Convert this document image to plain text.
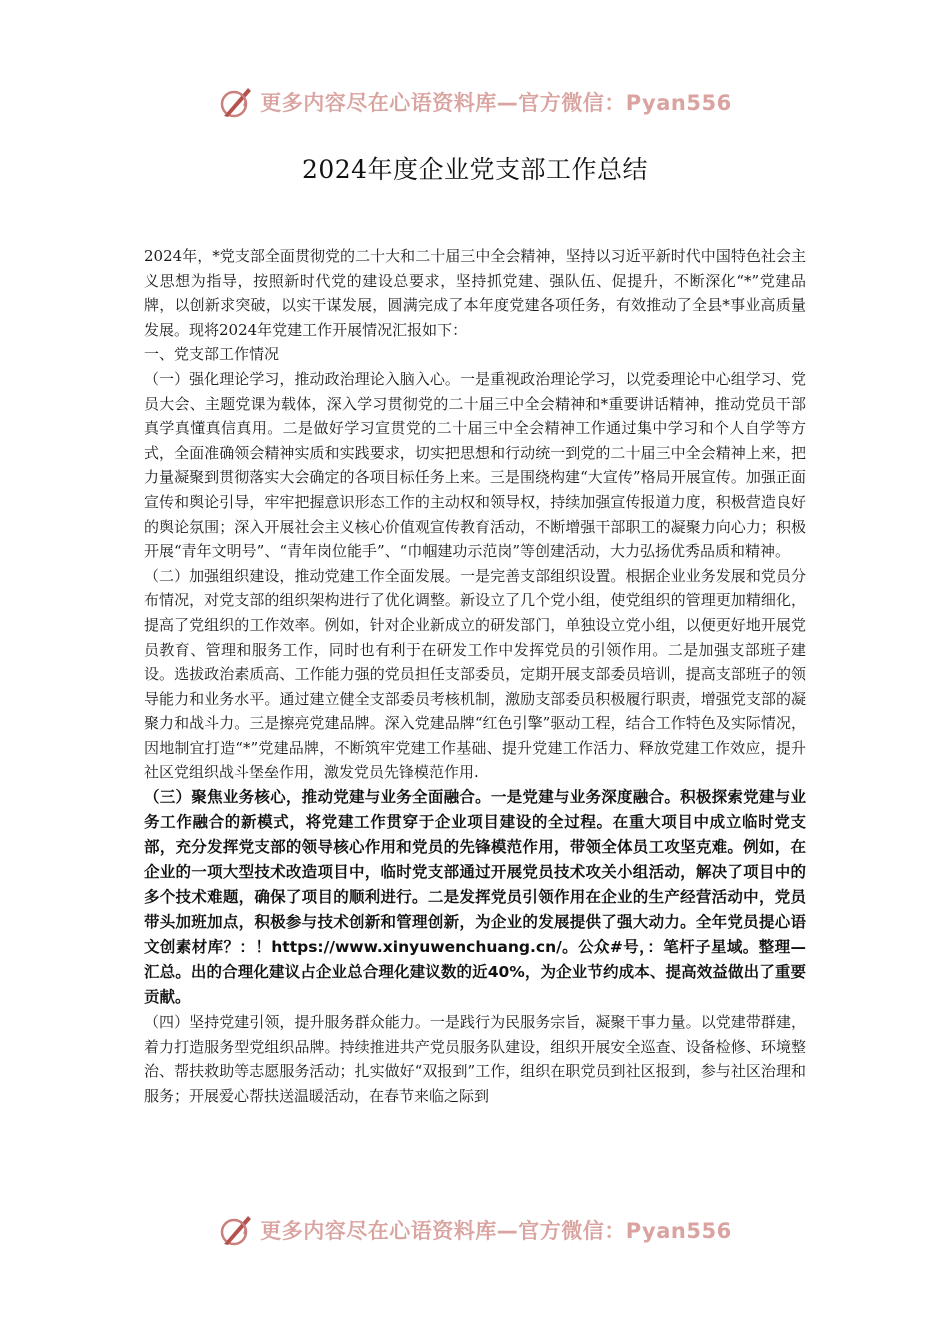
更多内容尽在心语资料库—官方微信：Pyan556
2024年度企业党支部工作总结

2024年，*党支部全面贯彻党的二十大和二十届三中全会精神，坚持以习近平新时代中国特色社会主义思想为指导，按照新时代党的建设总要求，坚持抓党建、强队伍、促提升，不断深化“*”党建品牌，以创新求突破，以实干谋发展，圆满完成了本年度党建各项任务，有效推动了全县*事业高质量发展。现将2024年党建工作开展情况汇报如下：

一、党支部工作情况

（一）强化理论学习，推动政治理论入脑入心。一是重视政治理论学习，以党委理论中心组学习、党员大会、主题党课为载体，深入学习贯彻党的二十届三中全会精神和*重要讲话精神，推动党员干部真学真懂真信真用。二是做好学习宣贯党的二十届三中全会精神工作通过集中学习和个人自学等方式，全面准确领会精神实质和实践要求，切实把思想和行动统一到党的二十届三中全会精神上来，把力量凝聚到贯彻落实大会确定的各项目标任务上来。三是围绕构建“大宣传”格局开展宣传。加强正面宣传和舆论引导，牢牢把握意识形态工作的主动权和领导权，持续加强宣传报道力度，积极营造良好的舆论氛围；深入开展社会主义核心价值观宣传教育活动，不断增强干部职工的凝聚力向心力；积极开展“青年文明号”、“青年岗位能手”、“巾帼建功示范岗”等创建活动，大力弘扬优秀品质和精神。

（二）加强组织建设，推动党建工作全面发展。一是完善支部组织设置。根据企业业务发展和党员分布情况，对党支部的组织架构进行了优化调整。新设立了几个党小组，使党组织的管理更加精细化，提高了党组织的工作效率。例如，针对企业新成立的研发部门，单独设立党小组，以便更好地开展党员教育、管理和服务工作，同时也有利于在研发工作中发挥党员的引领作用。二是加强支部班子建设。选拔政治素质高、工作能力强的党员担任支部委员，定期开展支部委员培训，提高支部班子的领导能力和业务水平。通过建立健全支部委员考核机制，激励支部委员积极履行职责，增强党支部的凝聚力和战斗力。三是擦亮党建品牌。深入党建品牌“红色引擎”驱动工程，结合工作特色及实际情况，因地制宜打造“*”党建品牌，不断筑牢党建工作基础、提升党建工作活力、释放党建工作效应，提升社区党组织战斗堡垒作用，激发党员先锋模范作用.

（三）聚焦业务核心，推动党建与业务全面融合。一是党建与业务深度融合。积极探索党建与业务工作融合的新模式，将党建工作贯穿于企业项目建设的全过程。在重大项目中成立临时党支部，充分发挥党支部的领导核心作用和党员的先锋模范作用，带领全体员工攻坚克难。例如，在企业的一项大型技术改造项目中，临时党支部通过开展党员技术攻关小组活动，解决了项目中的多个技术难题，确保了项目的顺利进行。二是发挥党员引领作用在企业的生产经营活动中，党员带头加班加点，积极参与技术创新和管理创新，为企业的发展提供了强大动力。全年党员提心语文创素材库？：！https://www.xinyuwenchuang.cn/。公众#号，：笔杆子星域。整理—汇总。出的合理化建议占企业总合理化建议数的近40%，为企业节约成本、提高效益做出了重要贡献。

（四）坚持党建引领，提升服务群众能力。一是践行为民服务宗旨，凝聚干事力量。以党建带群建，着力打造服务型党组织品牌。持续推进共产党员服务队建设，组织开展安全巡查、设备检修、环境整治、帮扶救助等志愿服务活动；扎实做好“双报到”工作，组织在职党员到社区报到，参与社区治理和服务；开展爱心帮扶送温暖活动，在春节来临之际到

更多内容尽在心语资料库—官方微信：Pyan556
